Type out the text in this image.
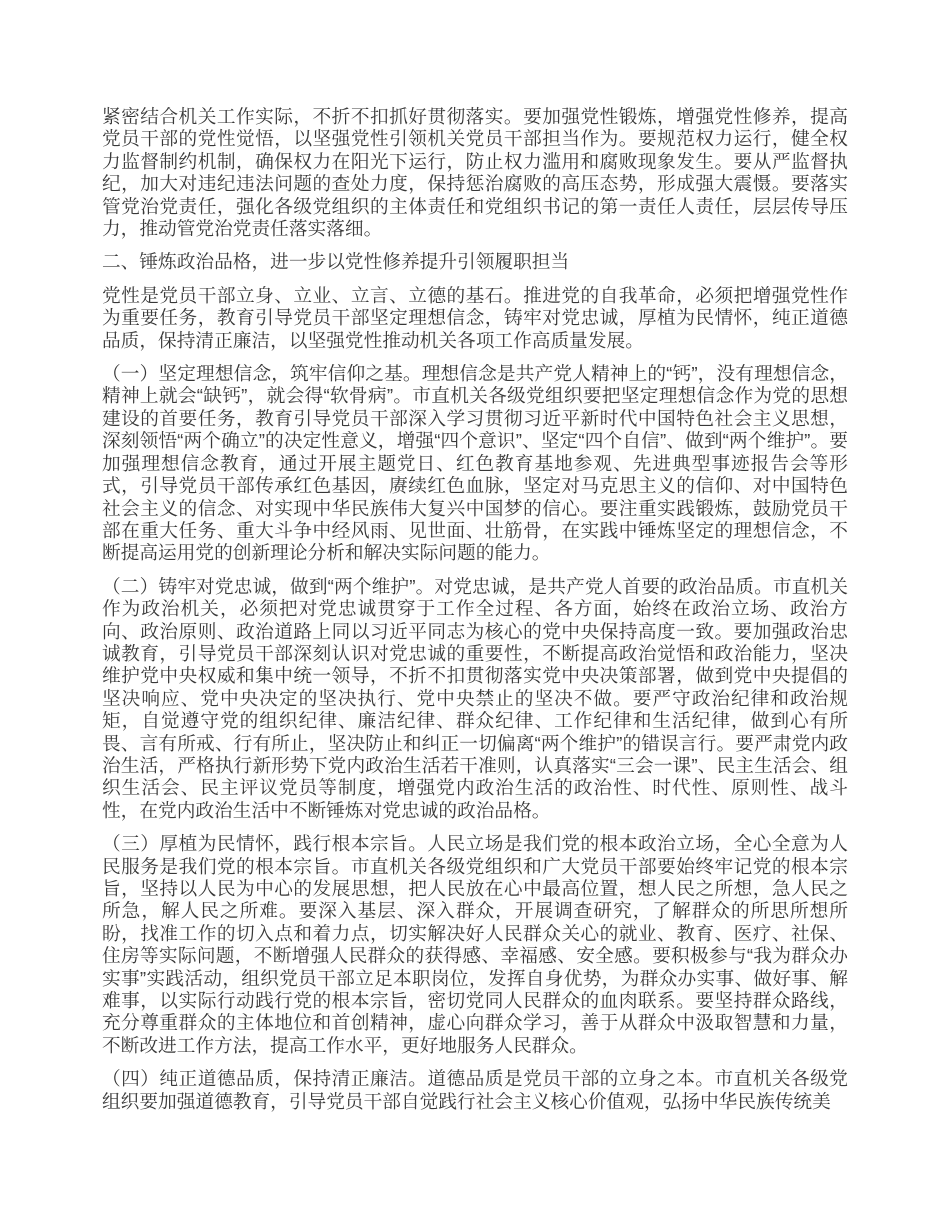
紧密结合机关工作实际，不折不扣抓好贯彻落实。要加强党性锻炼，增强党性修养，提高党员干部的党性觉悟，以坚强党性引领机关党员干部担当作为。要规范权力运行，健全权力监督制约机制，确保权力在阳光下运行，防止权力滥用和腐败现象发生。要从严监督执纪，加大对违纪违法问题的查处力度，保持惩治腐败的高压态势，形成强大震慑。要落实管党治党责任，强化各级党组织的主体责任和党组织书记的第一责任人责任，层层传导压力，推动管党治党责任落实落细。

二、锤炼政治品格，进一步以党性修养提升引领履职担当

党性是党员干部立身、立业、立言、立德的基石。推进党的自我革命，必须把增强党性作为重要任务，教育引导党员干部坚定理想信念，铸牢对党忠诚，厚植为民情怀，纯正道德品质，保持清正廉洁，以坚强党性推动机关各项工作高质量发展。

（一）坚定理想信念，筑牢信仰之基。理想信念是共产党人精神上的“钙”，没有理想信念，精神上就会“缺钙”，就会得“软骨病”。市直机关各级党组织要把坚定理想信念作为党的思想建设的首要任务，教育引导党员干部深入学习贯彻习近平新时代中国特色社会主义思想，深刻领悟“两个确立”的决定性意义，增强“四个意识”、坚定“四个自信”、做到“两个维护”。要加强理想信念教育，通过开展主题党日、红色教育基地参观、先进典型事迹报告会等形式，引导党员干部传承红色基因，赓续红色血脉，坚定对马克思主义的信仰、对中国特色社会主义的信念、对实现中华民族伟大复兴中国梦的信心。要注重实践锻炼，鼓励党员干部在重大任务、重大斗争中经风雨、见世面、壮筋骨，在实践中锤炼坚定的理想信念，不断提高运用党的创新理论分析和解决实际问题的能力。

（二）铸牢对党忠诚，做到“两个维护”。对党忠诚，是共产党人首要的政治品质。市直机关作为政治机关，必须把对党忠诚贯穿于工作全过程、各方面，始终在政治立场、政治方向、政治原则、政治道路上同以习近平同志为核心的党中央保持高度一致。要加强政治忠诚教育，引导党员干部深刻认识对党忠诚的重要性，不断提高政治觉悟和政治能力，坚决维护党中央权威和集中统一领导，不折不扣贯彻落实党中央决策部署，做到党中央提倡的坚决响应、党中央决定的坚决执行、党中央禁止的坚决不做。要严守政治纪律和政治规矩，自觉遵守党的组织纪律、廉洁纪律、群众纪律、工作纪律和生活纪律，做到心有所畏、言有所戒、行有所止，坚决防止和纠正一切偏离“两个维护”的错误言行。要严肃党内政治生活，严格执行新形势下党内政治生活若干准则，认真落实“三会一课”、民主生活会、组织生活会、民主评议党员等制度，增强党内政治生活的政治性、时代性、原则性、战斗性，在党内政治生活中不断锤炼对党忠诚的政治品格。

（三）厚植为民情怀，践行根本宗旨。人民立场是我们党的根本政治立场，全心全意为人民服务是我们党的根本宗旨。市直机关各级党组织和广大党员干部要始终牢记党的根本宗旨，坚持以人民为中心的发展思想，把人民放在心中最高位置，想人民之所想，急人民之所急，解人民之所难。要深入基层、深入群众，开展调查研究，了解群众的所思所想所盼，找准工作的切入点和着力点，切实解决好人民群众关心的就业、教育、医疗、社保、住房等实际问题，不断增强人民群众的获得感、幸福感、安全感。要积极参与“我为群众办实事”实践活动，组织党员干部立足本职岗位，发挥自身优势，为群众办实事、做好事、解难事，以实际行动践行党的根本宗旨，密切党同人民群众的血肉联系。要坚持群众路线，充分尊重群众的主体地位和首创精神，虚心向群众学习，善于从群众中汲取智慧和力量，不断改进工作方法，提高工作水平，更好地服务人民群众。

（四）纯正道德品质，保持清正廉洁。道德品质是党员干部的立身之本。市直机关各级党组织要加强道德教育，引导党员干部自觉践行社会主义核心价值观，弘扬中华民族传统美
